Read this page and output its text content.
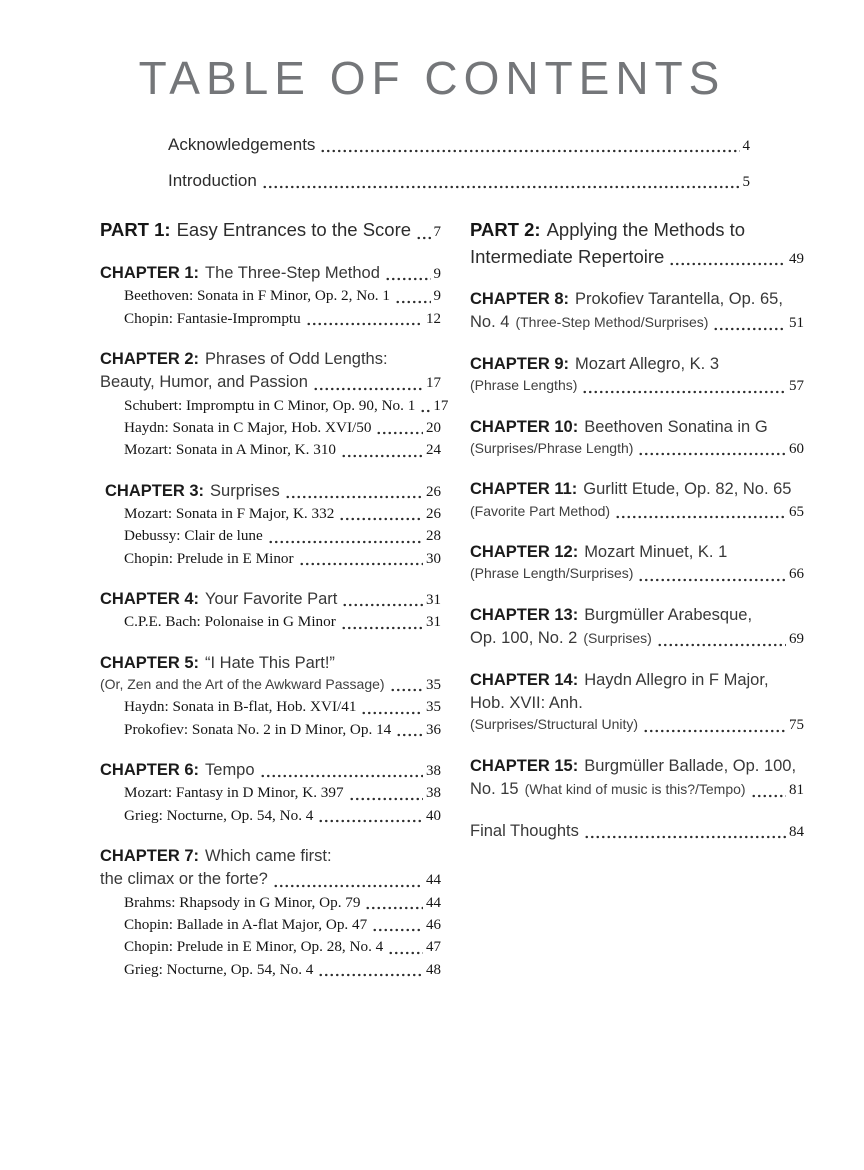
TABLE OF CONTENTS
Acknowledgements	4
Introduction	5
PART 1: Easy Entrances to the Score 7
CHAPTER 1: The Three-Step Method	9
Beethoven: Sonata in F Minor, Op. 2, No. 1	9
Chopin: Fantasie-Impromptu	12
CHAPTER 2: Phrases of Odd Lengths:
Beauty, Humor, and Passion	17
Schubert: Impromptu in C Minor, Op. 90, No. 1 17
Haydn: Sonata in C Major, Hob. XVI/50	20
Mozart: Sonata in A Minor, K. 310	24
CHAPTER 3: Surprises	26
Mozart: Sonata in F Major, K. 332	26
Debussy: Clair de lune	28
Chopin: Prelude in E Minor	30
CHAPTER 4: Your Favorite Part	31
C.P.E. Bach: Polonaise in G Minor	31
CHAPTER 5: “I Hate This Part!”
(Or, Zen and the Art of the Awkward Passage)	35
Haydn: Sonata in B-flat, Hob. XVI/41	35
Prokofiev: Sonata No. 2 in D Minor, Op. 14 36
CHAPTER 6: Tempo	38
Mozart: Fantasy in D Minor, K. 397	38
Grieg: Nocturne, Op. 54, No. 4	40
CHAPTER 7: Which came first:
the climax or the forte?	44
Brahms: Rhapsody in G Minor, Op. 79	44
Chopin: Ballade in A-flat Major, Op. 47	46
Chopin: Prelude in E Minor, Op. 28, No. 4	47
Grieg: Nocturne, Op. 54, No. 4	48
PART 2: Applying the Methods to
Intermediate Repertoire	49
CHAPTER 8: Prokofiev Tarantella, Op. 65,
No. 4 (Three-Step Method/Surprises)	51
CHAPTER 9: Mozart Allegro, K. 3
(Phrase Lengths)	57
CHAPTER 10: Beethoven Sonatina in G
(Surprises/Phrase Length)	60
CHAPTER 11: Gurlitt Etude, Op. 82, No. 65
(Favorite Part Method)	65
CHAPTER 12: Mozart Minuet, K. 1
(Phrase Length/Surprises)	66
CHAPTER 13: Burgmüller Arabesque,
Op. 100, No. 2 (Surprises)	69
CHAPTER 14: Haydn Allegro in F Major,
Hob. XVII: Anh.
(Surprises/Structural Unity)	75
CHAPTER 15: Burgmüller Ballade, Op. 100,
No. 15 (What kind of music is this?/Tempo)	81
Final Thoughts	84
